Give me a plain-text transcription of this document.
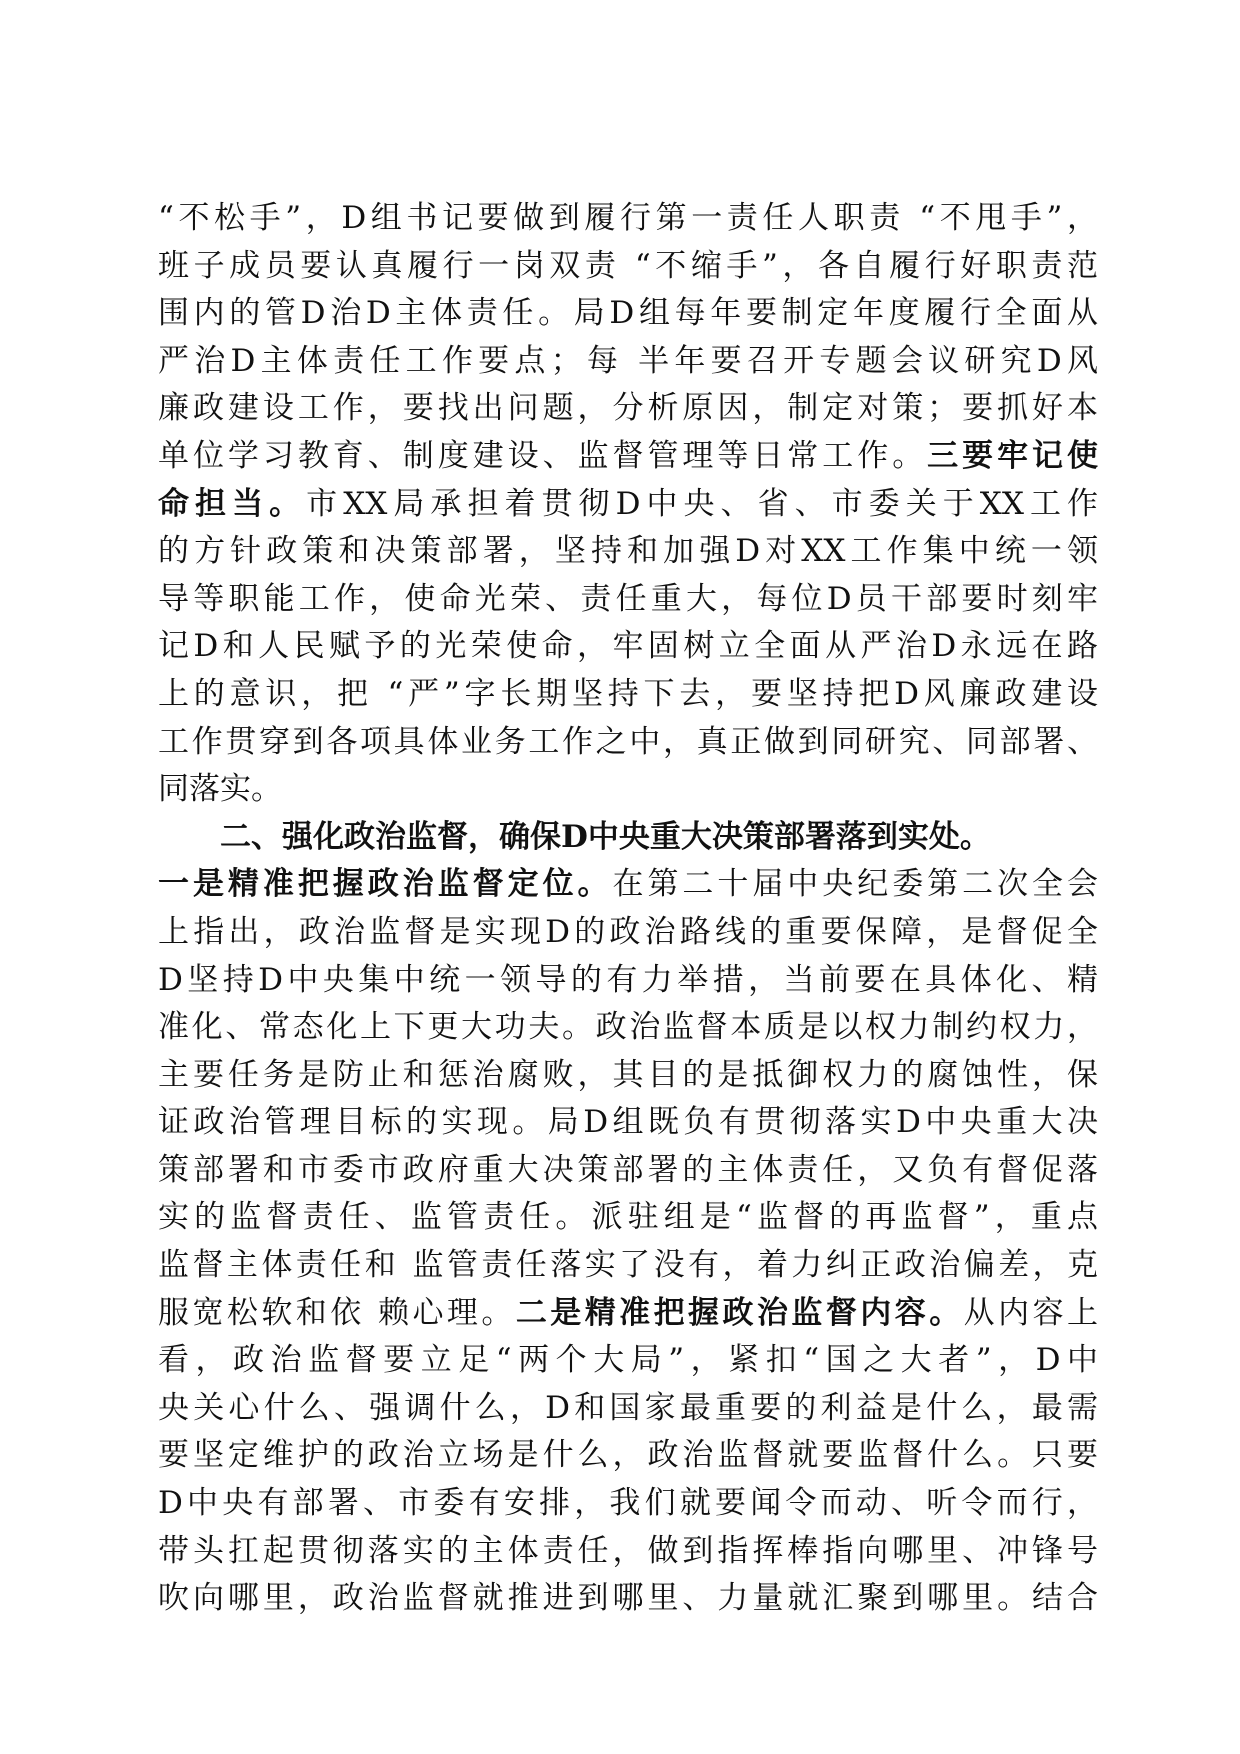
“不松手”，D组书记要做到履行第一责任人职责 “不甩手”，
班子成员要认真履行一岗双责 “不缩手”，各自履行好职责范
围内的管D治D主体责任。局D组每年要制定年度履行全面从
严治D主体责任工作要点；每 半年要召开专题会议研究D风
廉政建设工作，要找出问题，分析原因，制定对策；要抓好本
单位学习教育、制度建设、监督管理等日常工作。三要牢记使
命担当。市XX局承担着贯彻D中央、省、市委关于XX工作
的方针政策和决策部署，坚持和加强D对XX工作集中统一领
导等职能工作，使命光荣、责任重大，每位D员干部要时刻牢
记D和人民赋予的光荣使命，牢固树立全面从严治D永远在路
上的意识，把 “严”字长期坚持下去，要坚持把D风廉政建设
工作贯穿到各项具体业务工作之中，真正做到同研究、同部署、
同落实。
二、强化政治监督，确保D中央重大决策部署落到实处。
一是精准把握政治监督定位。在第二十届中央纪委第二次全会
上指出，政治监督是实现D的政治路线的重要保障，是督促全
D坚持D中央集中统一领导的有力举措，当前要在具体化、精
准化、常态化上下更大功夫。政治监督本质是以权力制约权力，
主要任务是防止和惩治腐败，其目的是抵御权力的腐蚀性，保
证政治管理目标的实现。局D组既负有贯彻落实D中央重大决
策部署和市委市政府重大决策部署的主体责任，又负有督促落
实的监督责任、监管责任。派驻组是“监督的再监督”，重点
监督主体责任和 监管责任落实了没有，着力纠正政治偏差，克
服宽松软和依 赖心理。二是精准把握政治监督内容。从内容上
看，政治监督要立足“两个大局”，紧扣“国之大者”，D中
央关心什么、强调什么，D和国家最重要的利益是什么，最需
要坚定维护的政治立场是什么，政治监督就要监督什么。只要
D中央有部署、市委有安排，我们就要闻令而动、听令而行，
带头扛起贯彻落实的主体责任，做到指挥棒指向哪里、冲锋号
吹向哪里，政治监督就推进到哪里、力量就汇聚到哪里。结合
